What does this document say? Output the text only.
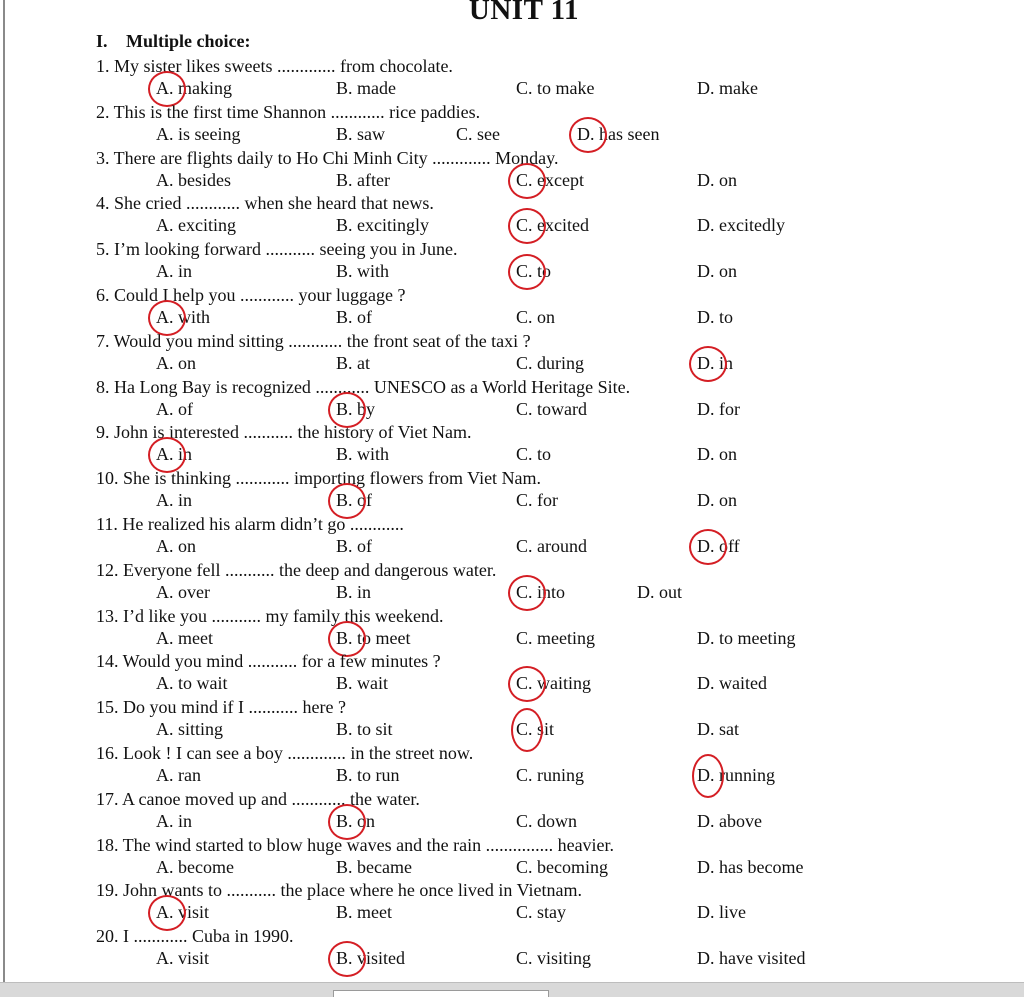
UNIT 11
I. Multiple choice:
1. My sister likes sweets ............. from chocolate.
A. making	B. made	C. to make	D. make
2. This is the first time Shannon ............ rice paddies.
A. is seeing	B. saw	C. see	D. has seen
3. There are flights daily to Ho Chi Minh City ............. Monday.
A. besides	B. after	C. except	D. on
4. She cried ............ when she heard that news.
A. exciting	B. excitingly	C. excited	D. excitedly
5. I’m looking forward ........... seeing you in June.
A. in	B. with	C. to	D. on
6. Could I help you ............ your luggage ?
A. with	B. of	C. on	D. to
7. Would you mind sitting ............ the front seat of the taxi ?
A. on	B. at	C. during	D. in
8. Ha Long Bay is recognized ............ UNESCO as a World Heritage Site.
A. of	B. by	C. toward	D. for
9. John is interested ........... the history of Viet Nam.
A. in	B. with	C. to	D. on
10. She is thinking ............ importing flowers from Viet Nam.
A. in	B. of	C. for	D. on
11. He realized his alarm didn’t go ............
A. on	B. of	C. around	D. off
12. Everyone fell ........... the deep and dangerous water.
A. over	B. in	C. into	D. out
13. I’d like you ........... my family this weekend.
A. meet	B. to meet	C. meeting	D. to meeting
14. Would you mind ........... for a few minutes ?
A. to wait	B. wait	C. waiting	D. waited
15. Do you mind if I ........... here ?
A. sitting	B. to sit	C. sit	D. sat
16. Look ! I can see a boy ............. in the street now.
A. ran	B. to run	C. runing	D. running
17. A canoe moved up and ............ the water.
A. in	B. on	C. down	D. above
18. The wind started to blow huge waves and the rain ............... heavier.
A. become	B. became	C. becoming	D. has become
19. John wants to ........... the place where he once lived in Vietnam.
A. visit	B. meet	C. stay	D. live
20. I ............ Cuba in 1990.
A. visit	B. visited	C. visiting	D. have visited
